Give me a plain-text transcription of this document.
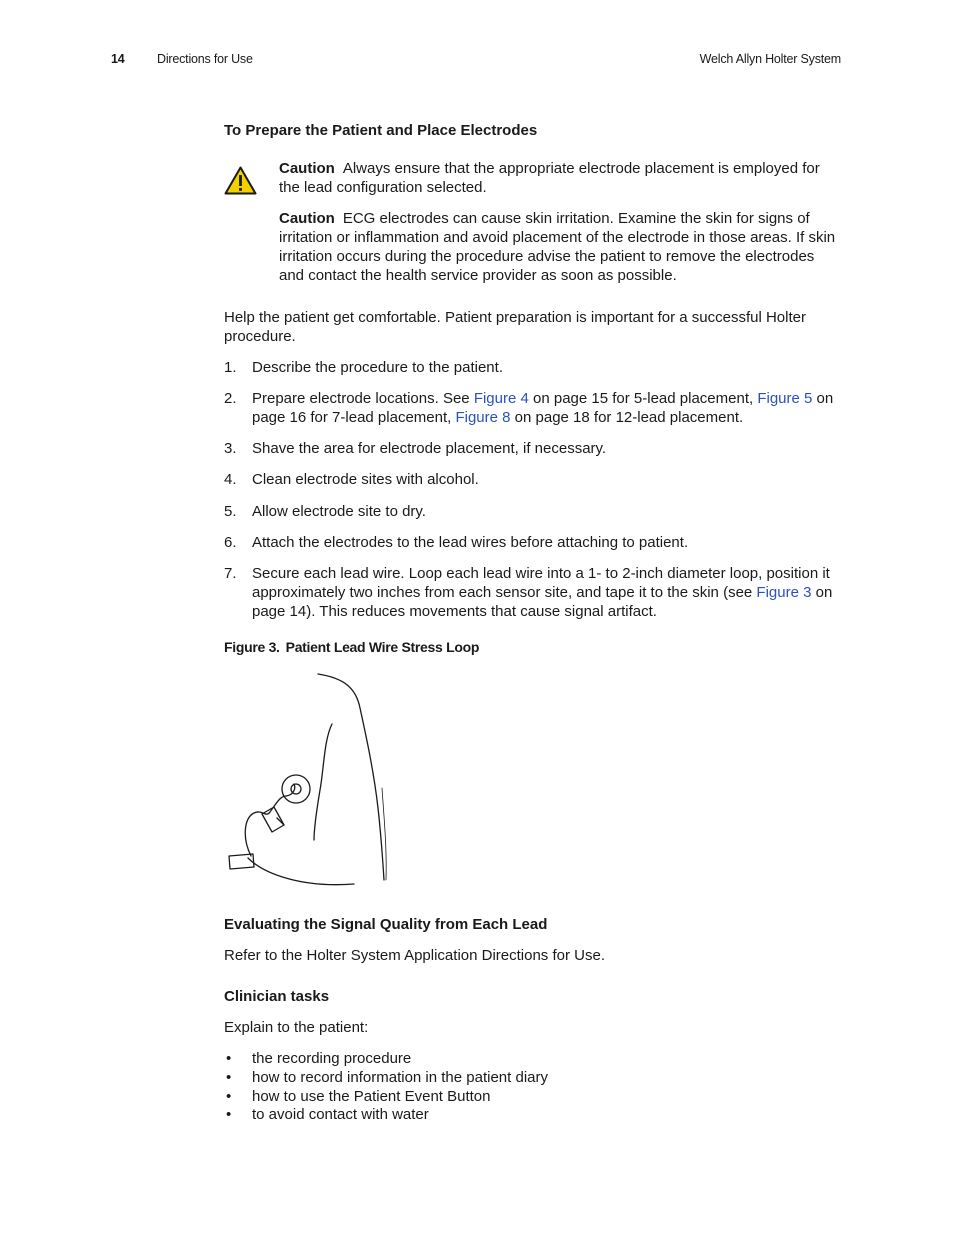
14	Directions for Use	Welch Allyn Holter System
To Prepare the Patient and Place Electrodes
Caution Always ensure that the appropriate electrode placement is employed for the lead configuration selected.
Caution ECG electrodes can cause skin irritation. Examine the skin for signs of irritation or inflammation and avoid placement of the electrode in those areas. If skin irritation occurs during the procedure advise the patient to remove the electrodes and contact the health service provider as soon as possible.
Help the patient get comfortable. Patient preparation is important for a successful Holter procedure.
1. Describe the procedure to the patient.
2. Prepare electrode locations. See Figure 4 on page 15 for 5-lead placement, Figure 5 on page 16 for 7-lead placement, Figure 8 on page 18 for 12-lead placement.
3. Shave the area for electrode placement, if necessary.
4. Clean electrode sites with alcohol.
5. Allow electrode site to dry.
6. Attach the electrodes to the lead wires before attaching to patient.
7. Secure each lead wire. Loop each lead wire into a 1- to 2-inch diameter loop, position it approximately two inches from each sensor site, and tape it to the skin (see Figure 3 on page 14). This reduces movements that cause signal artifact.
Figure 3. Patient Lead Wire Stress Loop
Evaluating the Signal Quality from Each Lead
Refer to the Holter System Application Directions for Use.
Clinician tasks
Explain to the patient:
• the recording procedure
• how to record information in the patient diary
• how to use the Patient Event Button
• to avoid contact with water
